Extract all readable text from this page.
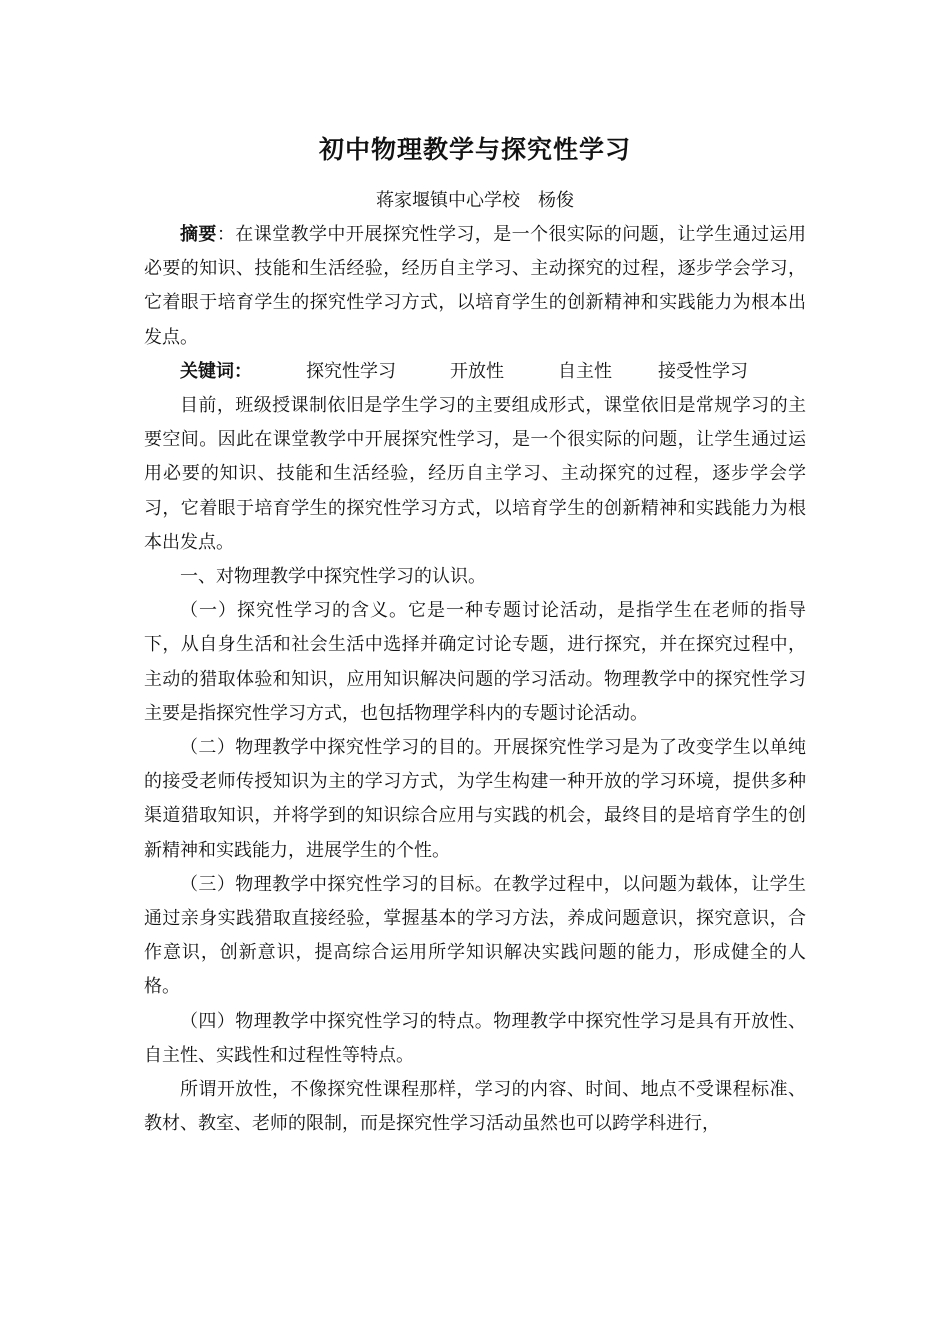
初中物理教学与探究性学习
蒋家堰镇中心学校　杨俊

摘要：在课堂教学中开展探究性学习，是一个很实际的问题，让学生通过运用必要的知识、技能和生活经验，经历自主学习、主动探究的过程，逐步学会学习，它着眼于培育学生的探究性学习方式，以培育学生的创新精神和实践能力为根本出发点。

关键词：	探究性学习	开放性	自主性	接受性学习

目前，班级授课制依旧是学生学习的主要组成形式，课堂依旧是常规学习的主要空间。因此在课堂教学中开展探究性学习，是一个很实际的问题，让学生通过运用必要的知识、技能和生活经验，经历自主学习、主动探究的过程，逐步学会学习，它着眼于培育学生的探究性学习方式，以培育学生的创新精神和实践能力为根本出发点。

一、对物理教学中探究性学习的认识。

（一）探究性学习的含义。它是一种专题讨论活动，是指学生在老师的指导下，从自身生活和社会生活中选择并确定讨论专题，进行探究，并在探究过程中，主动的猎取体验和知识，应用知识解决问题的学习活动。物理教学中的探究性学习主要是指探究性学习方式，也包括物理学科内的专题讨论活动。

（二）物理教学中探究性学习的目的。开展探究性学习是为了改变学生以单纯的接受老师传授知识为主的学习方式，为学生构建一种开放的学习环境，提供多种渠道猎取知识，并将学到的知识综合应用与实践的机会，最终目的是培育学生的创新精神和实践能力，进展学生的个性。

（三）物理教学中探究性学习的目标。在教学过程中，以问题为载体，让学生通过亲身实践猎取直接经验，掌握基本的学习方法，养成问题意识，探究意识，合作意识，创新意识，提高综合运用所学知识解决实践问题的能力，形成健全的人格。

（四）物理教学中探究性学习的特点。物理教学中探究性学习是具有开放性、自主性、实践性和过程性等特点。

所谓开放性，不像探究性课程那样，学习的内容、时间、地点不受课程标准、教材、教室、老师的限制，而是探究性学习活动虽然也可以跨学科进行，
